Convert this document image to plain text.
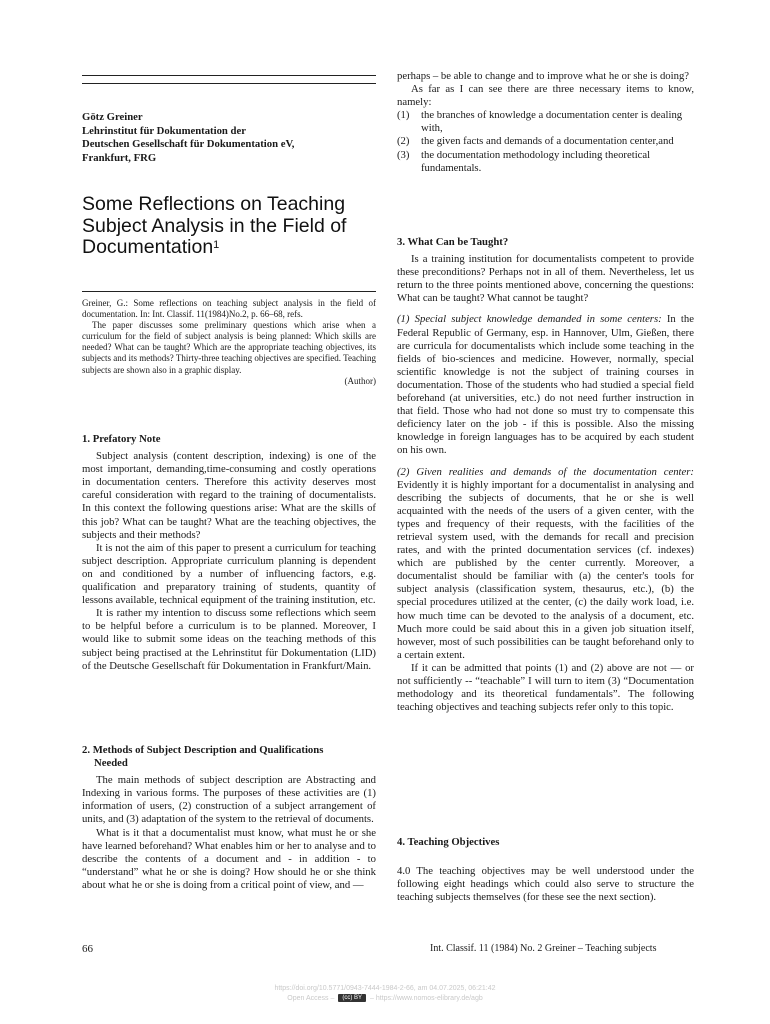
Götz Greiner
Lehrinstitut für Dokumentation der
Deutschen Gesellschaft für Dokumentation eV,
Frankfurt, FRG
Some Reflections on Teaching
Subject Analysis in the Field of
Documentation$^1$

Greiner, G.: Some reflections on teaching subject analysis in the field of documentation. In: Int. Classif. 11(1984)No.2, p. 66–68, refs.

The paper discusses some preliminary questions which arise when a curriculum for the field of subject analysis is being planned: Which skills are needed? What can be taught? Which are the appropriate teaching objectives, its subjects and its methods? Thirty-three teaching objectives are specified. Teaching subjects are shown also in a graphic display.

(Author)

1. Prefatory Note

Subject analysis (content description, indexing) is one of the most important, demanding,time-consuming and costly operations in documentation centers. Therefore this activity deserves most careful consideration with regard to the training of documentalists. In this context the following questions arise: What are the skills of this job? What can be taught? What are the teaching objectives, the subjects and their methods?

It is not the aim of this paper to present a curriculum for teaching subject description. Appropriate curriculum planning is dependent on and conditioned by a number of influencing factors, e.g. qualification and preparatory training of students, quantity of lessons available, technical equipment of the training institution, etc.

It is rather my intention to discuss some reflections which seem to be helpful before a curriculum is to be planned. Moreover, I would like to submit some ideas on the teaching methods of this subject being practised at the Lehrinstitut für Dokumentation (LID) of the Deutsche Gesellschaft für Dokumentation in Frankfurt/Main.

2. Methods of Subject Description and Qualifications
Needed

The main methods of subject description are Abstracting and Indexing in various forms. The purposes of these activities are (1) information of users, (2) construction of a subject arrangement of units, and (3) adaptation of the system to the retrieval of documents.

What is it that a documentalist must know, what must he or she have learned beforehand? What enables him or her to analyse and to describe the contents of a document and - in addition - to “understand” what he or she is doing? How should he or she think about what he or she is doing from a critical point of view, and —

perhaps – be able to change and to improve what he or she is doing?

As far as I can see there are three necessary items to know, namely:

(1)	the branches of knowledge a documentation center is dealing with,
(2)	the given facts and demands of a documentation center,and
(3)	the documentation methodology including theoretical fundamentals.

3. What Can be Taught?

Is a training institution for documentalists competent to provide these preconditions? Perhaps not in all of them. Nevertheless, let us return to the three points mentioned above, concerning the questions: What can be taught? What cannot be taught?

(1) Special subject knowledge demanded in some centers: In the Federal Republic of Germany, esp. in Hannover, Ulm, Gießen, there are curricula for documentalists which include some teaching in the fields of bio-sciences and medicine. However, normally, special scientific knowledge is not the subject of training courses in documentation. Those of the students who had studied a special field beforehand (at universities, etc.) do not need further instruction in that field. Those who had not done so must try to compensate this deficiency later on the job - if this is possible. Also the missing knowledge in foreign languages has to be acquired by each student on his own.

(2) Given realities and demands of the documentation center: Evidently it is highly important for a documentalist in analysing and describing the subjects of documents, that he or she is well acquainted with the needs of the users of a given center, with the types and frequency of their requests, with the facilities of the retrieval system used, with the demands for recall and precision rates, and with the printed documentation services (cf. indexes) which are published by the center currently. Moreover, a documentalist should be familiar with (a) the center's tools for subject analysis (classification system, thesaurus, etc.), (b) the special procedures utilized at the center, (c) the daily work load, i.e. how much time can be devoted to the analysis of a document, etc. Much more could be said about this in a given job situation itself, however, most of such possibilities can be taught beforehand only to a certain extent.

If it can be admitted that points (1) and (2) above are not — or not sufficiently -- “teachable” I will turn to item (3) “Documentation methodology and its theoretical fundamentals”. The following teaching objectives and teaching subjects refer only to this topic.

4. Teaching Objectives

4.0 The teaching objectives may be well understood under the following eight headings which could also serve to structure the teaching subjects themselves (for these see the next section).

66	Int. Classif. 11 (1984) No. 2 Greiner – Teaching subjects
https://doi.org/10.5771/0943-7444-1984-2-66, am 04.07.2025, 06:21:42
Open Access – (cc) BY – https://www.nomos-elibrary.de/agb
